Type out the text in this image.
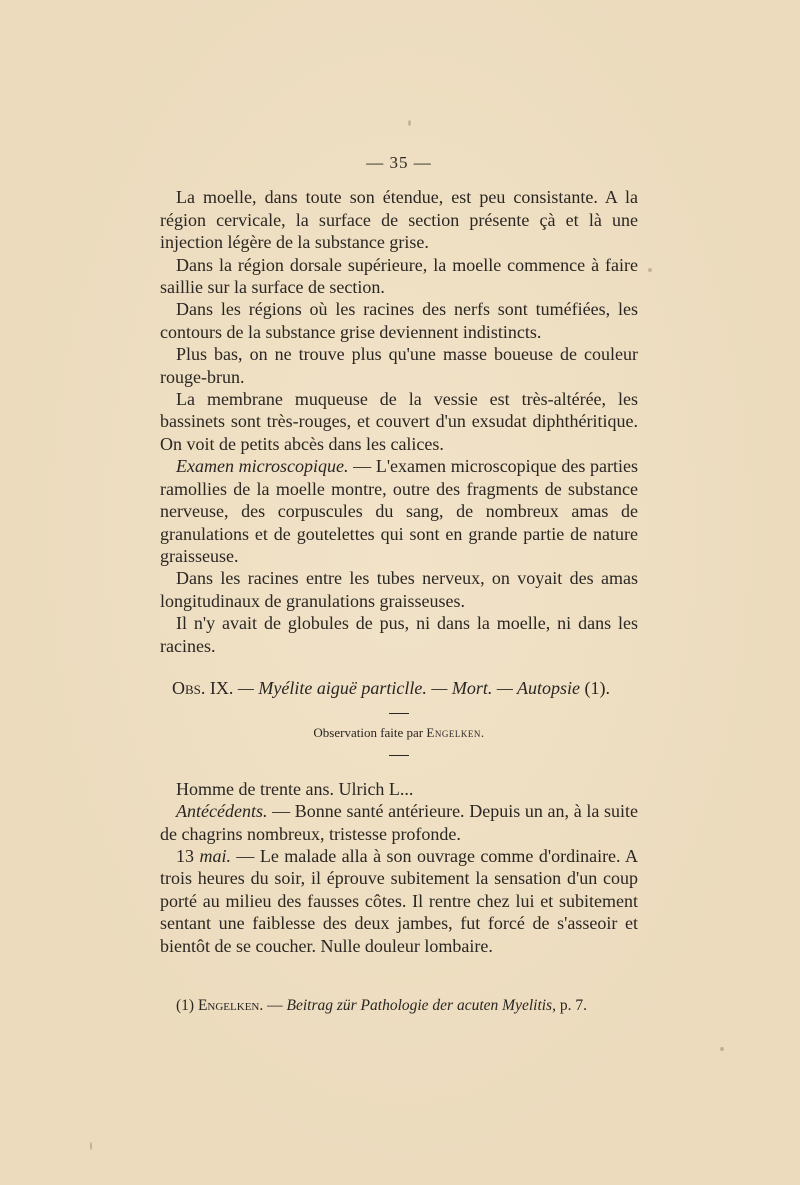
— 35 —

La moelle, dans toute son étendue, est peu consistante. A la région cervicale, la surface de section présente çà et là une injection légère de la substance grise.

Dans la région dorsale supérieure, la moelle commence à faire saillie sur la surface de section.

Dans les régions où les racines des nerfs sont tuméfiées, les contours de la substance grise deviennent indistincts.

Plus bas, on ne trouve plus qu'une masse boueuse de couleur rouge-brun.

La membrane muqueuse de la vessie est très-altérée, les bassinets sont très-rouges, et couvert d'un exsudat diphthéritique. On voit de petits abcès dans les calices.

Examen microscopique. — L'examen microscopique des parties ramollies de la moelle montre, outre des fragments de substance nerveuse, des corpuscules du sang, de nombreux amas de granulations et de goutelettes qui sont en grande partie de nature graisseuse.

Dans les racines entre les tubes nerveux, on voyait des amas longitudinaux de granulations graisseuses.

Il n'y avait de globules de pus, ni dans la moelle, ni dans les racines.

Obs. IX. — Myélite aiguë particlle. — Mort. — Autopsie (1).
Observation faite par Engelken.

Homme de trente ans. Ulrich L...

Antécédents. — Bonne santé antérieure. Depuis un an, à la suite de chagrins nombreux, tristesse profonde.

13 mai. — Le malade alla à son ouvrage comme d'ordinaire. A trois heures du soir, il éprouve subitement la sensation d'un coup porté au milieu des fausses côtes. Il rentre chez lui et subitement sentant une faiblesse des deux jambes, fut forcé de s'asseoir et bientôt de se coucher. Nulle douleur lombaire.

(1) Engelken. — Beitrag zür Pathologie der acuten Myelitis, p. 7.
